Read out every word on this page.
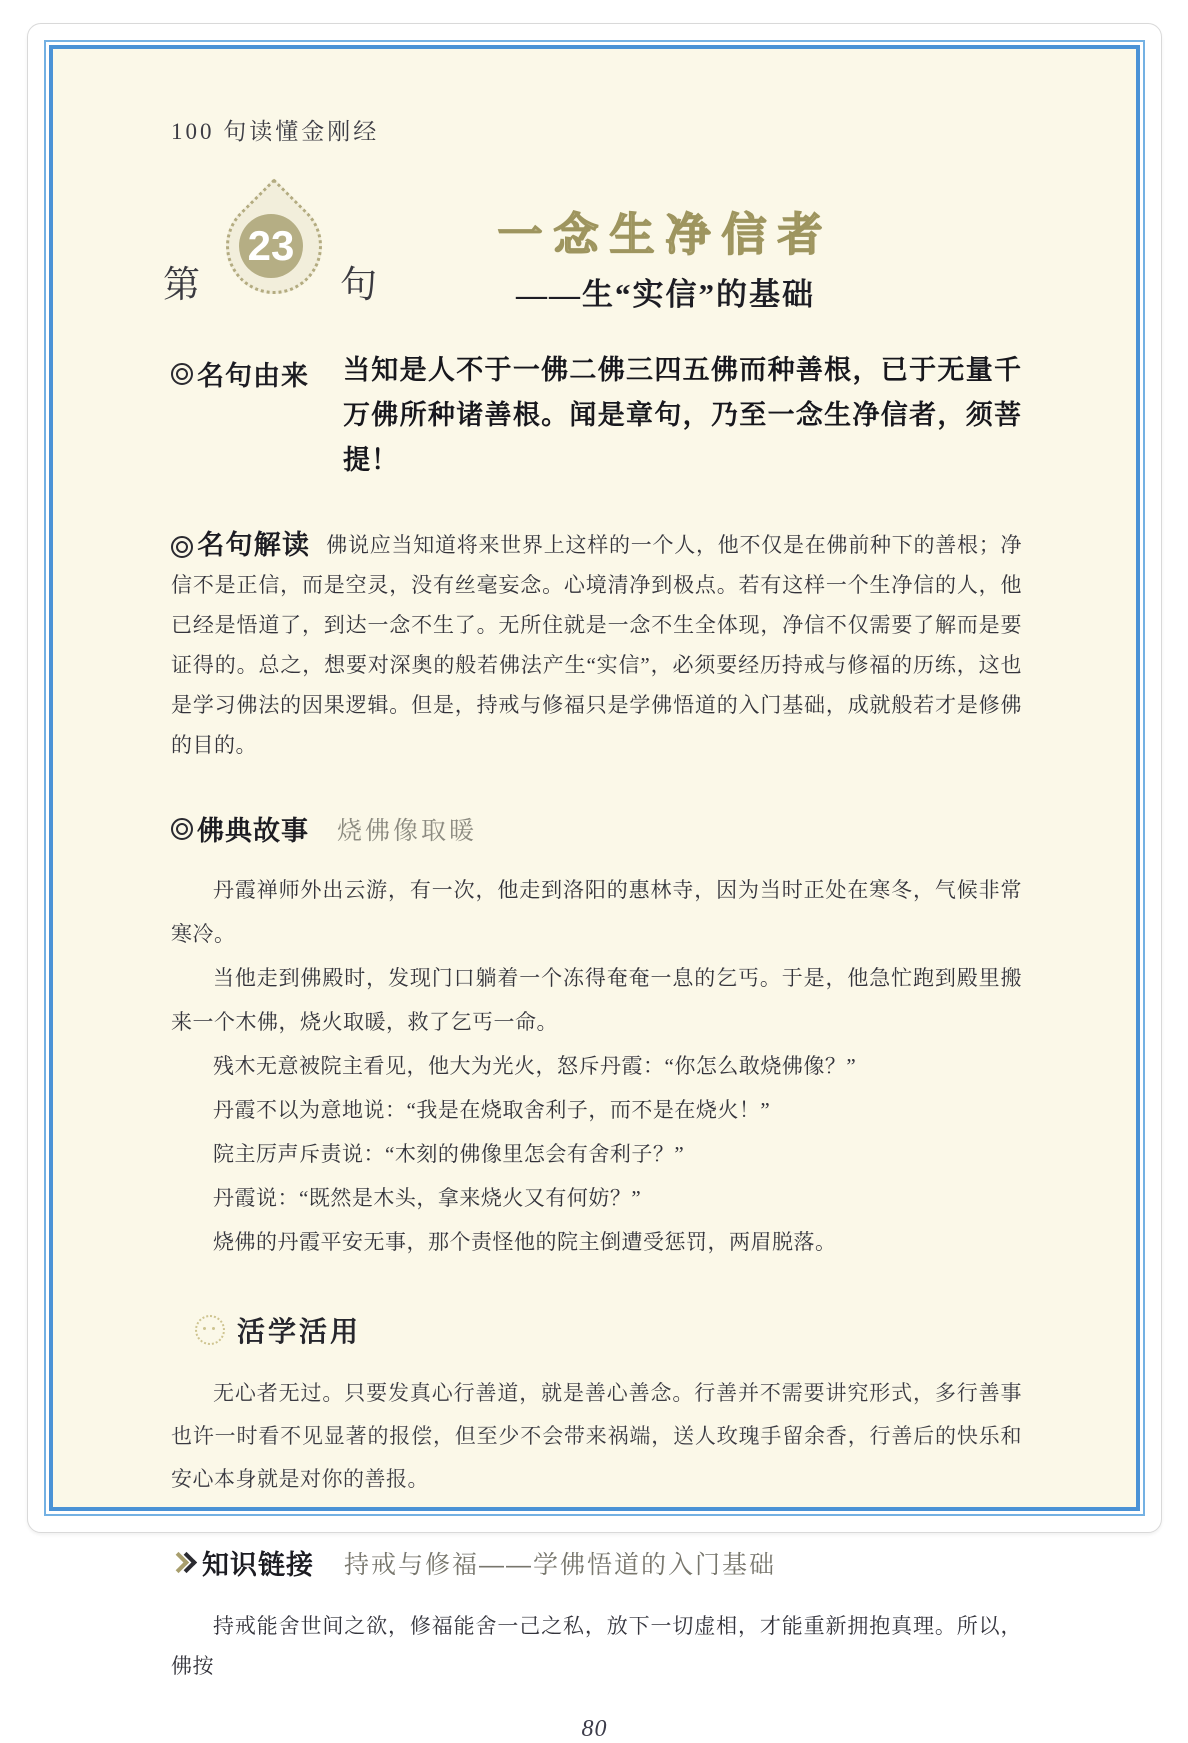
100 句读懂金刚经
第
23
句
一念生净信者
——生“实信”的基础
名句由来 当知是人不于一佛二佛三四五佛而种善根，已于无量千万佛所种诸善根。闻是章句，乃至一念生净信者，须菩提！
名句解读 佛说应当知道将来世界上这样的一个人，他不仅是在佛前种下的善根；净信不是正信，而是空灵，没有丝毫妄念。心境清净到极点。若有这样一个生净信的人，他已经是悟道了，到达一念不生了。无所住就是一念不生全体现，净信不仅需要了解而是要证得的。总之，想要对深奥的般若佛法产生“实信”，必须要经历持戒与修福的历练，这也是学习佛法的因果逻辑。但是，持戒与修福只是学佛悟道的入门基础，成就般若才是修佛的目的。
佛典故事 烧佛像取暖

丹霞禅师外出云游，有一次，他走到洛阳的惠林寺，因为当时正处在寒冬，气候非常寒冷。

当他走到佛殿时，发现门口躺着一个冻得奄奄一息的乞丐。于是，他急忙跑到殿里搬来一个木佛，烧火取暖，救了乞丐一命。

残木无意被院主看见，他大为光火，怒斥丹霞：“你怎么敢烧佛像？”

丹霞不以为意地说：“我是在烧取舍利子，而不是在烧火！”

院主厉声斥责说：“木刻的佛像里怎会有舍利子？”

丹霞说：“既然是木头，拿来烧火又有何妨？”

烧佛的丹霞平安无事，那个责怪他的院主倒遭受惩罚，两眉脱落。

活学活用
无心者无过。只要发真心行善道，就是善心善念。行善并不需要讲究形式，多行善事也许一时看不见显著的报偿，但至少不会带来祸端，送人玫瑰手留余香，行善后的快乐和安心本身就是对你的善报。
知识链接 持戒与修福——学佛悟道的入门基础
持戒能舍世间之欲，修福能舍一己之私，放下一切虚相，才能重新拥抱真理。所以，佛按
80
